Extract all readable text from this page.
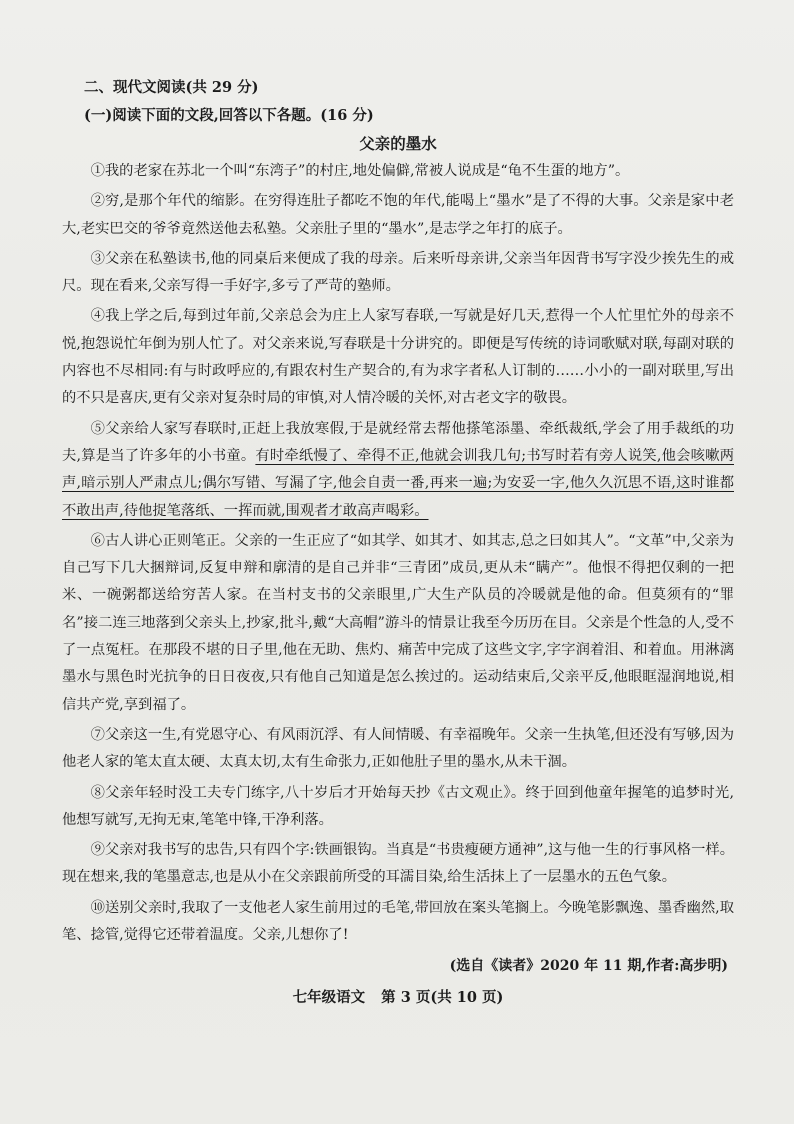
二、现代文阅读(共 29 分)
(一)阅读下面的文段,回答以下各题。(16 分)
父亲的墨水
①我的老家在苏北一个叫“东湾子”的村庄,地处偏僻,常被人说成是“龟不生蛋的地方”。
②穷,是那个年代的缩影。在穷得连肚子都吃不饱的年代,能喝上“墨水”是了不得的大事。父亲是家中老大,老实巴交的爷爷竟然送他去私塾。父亲肚子里的“墨水”,是志学之年打的底子。
③父亲在私塾读书,他的同桌后来便成了我的母亲。后来听母亲讲,父亲当年因背书写字没少挨先生的戒尺。现在看来,父亲写得一手好字,多亏了严苛的塾师。
④我上学之后,每到过年前,父亲总会为庄上人家写春联,一写就是好几天,惹得一个人忙里忙外的母亲不悦,抱怨说忙年倒为别人忙了。对父亲来说,写春联是十分讲究的。即便是写传统的诗词歌赋对联,每副对联的内容也不尽相同:有与时政呼应的,有跟农村生产契合的,有为求字者私人订制的……小小的一副对联里,写出的不只是喜庆,更有父亲对复杂时局的审慎,对人情冷暖的关怀,对古老文字的敬畏。
⑤父亲给人家写春联时,正赶上我放寒假,于是就经常去帮他搽笔添墨、牵纸裁纸,学会了用手裁纸的功夫,算是当了许多年的小书童。有时牵纸慢了、牵得不正,他就会训我几句;书写时若有旁人说笑,他会咳嗽两声,暗示别人严肃点儿;偶尔写错、写漏了字,他会自责一番,再来一遍;为安妥一字,他久久沉思不语,这时谁都不敢出声,待他捉笔落纸、一挥而就,围观者才敢高声喝彩。
⑥古人讲心正则笔正。父亲的一生正应了“如其学、如其才、如其志,总之曰如其人”。“文革”中,父亲为自己写下几大捆辩词,反复申辩和廓清的是自己并非“三青团”成员,更从未“瞒产”。他恨不得把仅剩的一把米、一碗粥都送给穷苦人家。在当村支书的父亲眼里,广大生产队员的冷暖就是他的命。但莫须有的“罪名”接二连三地落到父亲头上,抄家,批斗,戴“大高帽”游斗的情景让我至今历历在目。父亲是个性急的人,受不了一点冤枉。在那段不堪的日子里,他在无助、焦灼、痛苦中完成了这些文字,字字润着泪、和着血。用淋漓墨水与黑色时光抗争的日日夜夜,只有他自己知道是怎么挨过的。运动结束后,父亲平反,他眼眶湿润地说,相信共产党,享到福了。
⑦父亲这一生,有党恩守心、有风雨沉浮、有人间情暖、有幸福晚年。父亲一生执笔,但还没有写够,因为他老人家的笔太直太硬、太真太切,太有生命张力,正如他肚子里的墨水,从未干涸。
⑧父亲年轻时没工夫专门练字,八十岁后才开始每天抄《古文观止》。终于回到他童年握笔的追梦时光,他想写就写,无拘无束,笔笔中锋,干净利落。
⑨父亲对我书写的忠告,只有四个字:铁画银钩。当真是“书贵瘦硬方通神”,这与他一生的行事风格一样。现在想来,我的笔墨意志,也是从小在父亲跟前所受的耳濡目染,给生活抹上了一层墨水的五色气象。
⑩送别父亲时,我取了一支他老人家生前用过的毛笔,带回放在案头笔搁上。今晚笔影飘逸、墨香幽然,取笔、捻管,觉得它还带着温度。父亲,儿想你了!
(选自《读者》2020 年 11 期,作者:高步明)
七年级语文 第 3 页(共 10 页)
